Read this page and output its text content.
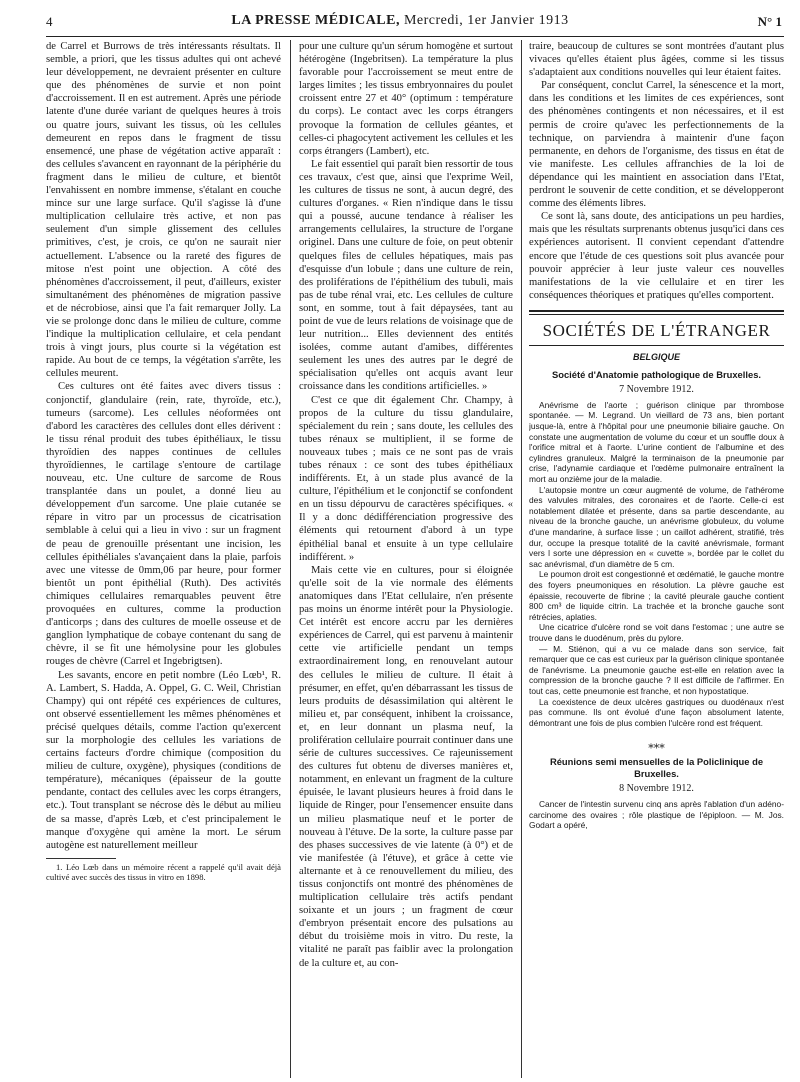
4	LA PRESSE MÉDICALE, Mercredi, 1er Janvier 1913	N° 1

de Carrel et Burrows de très intéressants résultats. Il semble, a priori, que les tissus adultes qui ont achevé leur développement, ne devraient présenter en culture que des phénomènes de survie et non point d'accroissement. Il en est autrement. Après une période latente d'une durée variant de quelques heures à trois ou quatre jours, suivant les tissus, où les cellules demeurent en repos dans le fragment de tissu ensemencé, une phase de végétation active apparaît : des cellules s'avancent en rayonnant de la périphérie du fragment dans le milieu de culture, et bientôt l'envahissent en nombre immense, s'étalant en couche mince sur une large surface. Qu'il s'agisse là d'une multiplication cellulaire très active, et non pas seulement d'un simple glissement des cellules primitives, c'est, je crois, ce qu'on ne saurait nier actuellement. L'absence ou la rareté des figures de mitose n'est point une objection. A côté des phénomènes d'accroissement, il peut, d'ailleurs, exister simultanément des phénomènes de migration passive et de nécrobiose, ainsi que l'a fait remarquer Jolly. La vie se prolonge donc dans le milieu de culture, comme l'indique la multiplication cellulaire, et cela pendant trois à vingt jours, plus courte si la végétation est rapide. Au bout de ce temps, la végétation s'arrête, les cellules meurent.

Ces cultures ont été faites avec divers tissus : conjonctif, glandulaire (rein, rate, thyroïde, etc.), tumeurs (sarcome). Les cellules néoformées ont d'abord les caractères des cellules dont elles dérivent : le tissu rénal produit des tubes épithéliaux, le tissu thyroïdien des nappes continues de cellules thyroïdiennes, le cartilage s'entoure de cartilage nouveau, etc. Une culture de sarcome de Rous transplantée dans un poulet, a donné lieu au développement d'un sarcome. Une plaie cutanée se répare in vitro par un processus de cicatrisation semblable à celui qui a lieu in vivo : sur un fragment de peau de grenouille présentant une incision, les cellules épithéliales s'avançaient dans la plaie, parfois avec une vitesse de 0mm,06 par heure, pour former bientôt un pont épithélial (Ruth). Des activités chimiques cellulaires remarquables peuvent être provoquées en cultures, comme la production d'anticorps ; dans des cultures de moelle osseuse et de ganglion lymphatique de cobaye contenant du sang de chèvre, il se fit une hémolysine pour les globules rouges de chèvre (Carrel et Ingebrigtsen).

Les savants, encore en petit nombre (Léo Lœb¹, R. A. Lambert, S. Hadda, A. Oppel, G. C. Weil, Christian Champy) qui ont répété ces expériences de cultures, ont observé essentiellement les mêmes phénomènes et précisé quelques détails, comme l'action qu'exercent sur la morphologie des cellules les variations de certains facteurs d'ordre chimique (composition du milieu de culture, oxygène), physiques (conditions de température), mécaniques (épaisseur de la goutte pendante, contact des cellules avec les corps étrangers, etc.). Tout transplant se nécrose dès le début au milieu de sa masse, d'après Lœb, et c'est principalement le manque d'oxygène qui amène la mort. Le sérum autogène est naturellement meilleur

1. Léo Lœb dans un mémoire récent a rappelé qu'il avait déjà cultivé avec succès des tissus in vitro en 1898.

pour une culture qu'un sérum homogène et surtout hétérogène (Ingebritsen). La température la plus favorable pour l'accroissement se meut entre de larges limites ; les tissus embryonnaires du poulet croissent entre 27 et 40° (optimum : température du corps). Le contact avec les corps étrangers provoque la formation de cellules géantes, et celles-ci phagocytent activement les cellules et les corps étrangers (Lambert), etc.

Le fait essentiel qui paraît bien ressortir de tous ces travaux, c'est que, ainsi que l'exprime Weil, les cultures de tissus ne sont, à aucun degré, des cultures d'organes. « Rien n'indique dans le tissu qui a poussé, aucune tendance à réaliser les arrangements cellulaires, la structure de l'organe originel. Dans une culture de foie, on peut obtenir quelques files de cellules hépatiques, mais pas d'esquisse d'un lobule ; dans une culture de rein, des proliférations de l'épithélium des tubuli, mais pas de tube rénal vrai, etc. Les cellules de culture sont, en somme, tout à fait dépaysées, tant au point de vue de leurs relations de voisinage que de leur nutrition... Elles deviennent des entités isolées, comme autant d'amibes, différentes seulement les unes des autres par le degré de spécialisation qu'elles ont acquis avant leur croissance dans les conditions artificielles. »

C'est ce que dit également Chr. Champy, à propos de la culture du tissu glandulaire, spécialement du rein ; sans doute, les cellules des tubes rénaux se multiplient, il se forme de nouveaux tubes ; mais ce ne sont pas de vrais tubes rénaux : ce sont des tubes épithéliaux indifférents. Et, à un stade plus avancé de la culture, l'épithélium et le conjonctif se confondent en un tissu dépourvu de caractères spécifiques. « Il y a donc dédifférenciation progressive des éléments qui retournent d'abord à un type épithélial banal et ensuite à un type cellulaire indifférent. »

Mais cette vie en cultures, pour si éloignée qu'elle soit de la vie normale des éléments anatomiques dans l'Etat cellulaire, n'en présente pas moins un énorme intérêt pour la Physiologie. Cet intérêt est encore accru par les dernières expériences de Carrel, qui est parvenu à maintenir cette vie artificielle pendant un temps extraordinairement long, en renouvelant autour des cellules le milieu de culture. Il était à présumer, en effet, qu'en débarrassant les tissus de leurs produits de désassimilation qui altèrent le milieu et, par conséquent, inhibent la croissance, et, en leur donnant un plasma neuf, la prolifération cellulaire pourrait continuer dans une série de cultures successives. Ce rajeunissement des cultures fut obtenu de diverses manières et, notamment, en enlevant un fragment de la culture épuisée, le lavant plusieurs heures à froid dans le liquide de Ringer, pour l'ensemencer ensuite dans un milieu plasmatique neuf et le porter de nouveau à l'étuve. De la sorte, la culture passe par des phases successives de vie latente (à 0°) et de vie manifestée (à l'étuve), et grâce à cette vie alternante et à ce renouvellement du milieu, des tissus conjonctifs ont montré des phénomènes de multiplication cellulaire très actifs pendant soixante et un jours ; un fragment de cœur d'embryon présentait encore des pulsations au début du troisième mois in vitro. Du reste, la vitalité ne paraît pas faiblir avec la prolongation de la culture et, au con-

traire, beaucoup de cultures se sont montrées d'autant plus vivaces qu'elles étaient plus âgées, comme si les tissus s'adaptaient aux conditions nouvelles qui leur étaient faites.

Par conséquent, conclut Carrel, la sénescence et la mort, dans les conditions et les limites de ces expériences, sont des phénomènes contingents et non nécessaires, et il est permis de croire qu'avec les perfectionnements de la technique, on parviendra à maintenir d'une façon permanente, en dehors de l'organisme, des tissus en état de vie manifeste. Les cellules affranchies de la loi de dépendance qui les maintient en association dans l'Etat, perdront le souvenir de cette condition, et se développeront comme des éléments libres.

Ce sont là, sans doute, des anticipations un peu hardies, mais que les résultats surprenants obtenus jusqu'ici dans ces expériences autorisent. Il convient cependant d'attendre encore que l'étude de ces questions soit plus avancée pour pouvoir apprécier à leur juste valeur ces nouvelles manifestations de la vie cellulaire et en tirer les conséquences théoriques et pratiques qu'elles comportent.

SOCIÉTÉS DE L'ÉTRANGER
BELGIQUE
Société d'Anatomie pathologique de Bruxelles.
7 Novembre 1912.

Anévrisme de l'aorte ; guérison clinique par thrombose spontanée. — M. Legrand. Un vieillard de 73 ans, bien portant jusque-là, entre à l'hôpital pour une pneumonie biliaire gauche. On constate une augmentation de volume du cœur et un souffle doux à l'orifice mitral et à l'aorte. L'urine contient de l'albumine et des cylindres granuleux. Malgré la terminaison de la pneumonie par crise, l'adynamie cardiaque et l'œdème pulmonaire entraînent la mort au onzième jour de la maladie.

L'autopsie montre un cœur augmenté de volume, de l'athérome des valvules mitrales, des coronaires et de l'aorte. Celle-ci est notablement dilatée et présente, dans sa partie descendante, au niveau de la bronche gauche, un anévrisme globuleux, du volume d'une mandarine, à surface lisse ; un caillot adhérent, stratifié, très dur, occupe la presque totalité de la cavité anévrismale, formant vers l sorte une dépression en « cuvette », bordée par le collet du sac anévrismal, d'un diamètre de 5 cm.

Le poumon droit est congestionné et œdématié, le gauche montre des foyers pneumoniques en résolution. La plèvre gauche est épaissie, recouverte de fibrine ; la cavité pleurale gauche contient 800 cm³ de liquide citrin. La trachée et la bronche gauche sont rétrécies, aplaties.

Une cicatrice d'ulcère rond se voit dans l'estomac ; une autre se trouve dans le duodénum, près du pylore.

— M. Stiénon, qui a vu ce malade dans son service, fait remarquer que ce cas est curieux par la guérison clinique spontanée de l'anévrisme. La pneumonie gauche est-elle en relation avec la compression de la bronche gauche ? Il est difficile de l'affirmer. En tout cas, cette pneumonie est franche, et non hypostatique.

La coexistence de deux ulcères gastriques ou duodénaux n'est pas commune. Ils ont évolué d'une façon absolument latente, démontrant une fois de plus combien l'ulcère rond est fréquent.

⁎⁎⁎
Réunions semi mensuelles de la Policlinique de Bruxelles.
8 Novembre 1912.

Cancer de l'intestin survenu cinq ans après l'ablation d'un adéno-carcinome des ovaires ; rôle plastique de l'épiploon. — M. Jos. Godart a opéré,
